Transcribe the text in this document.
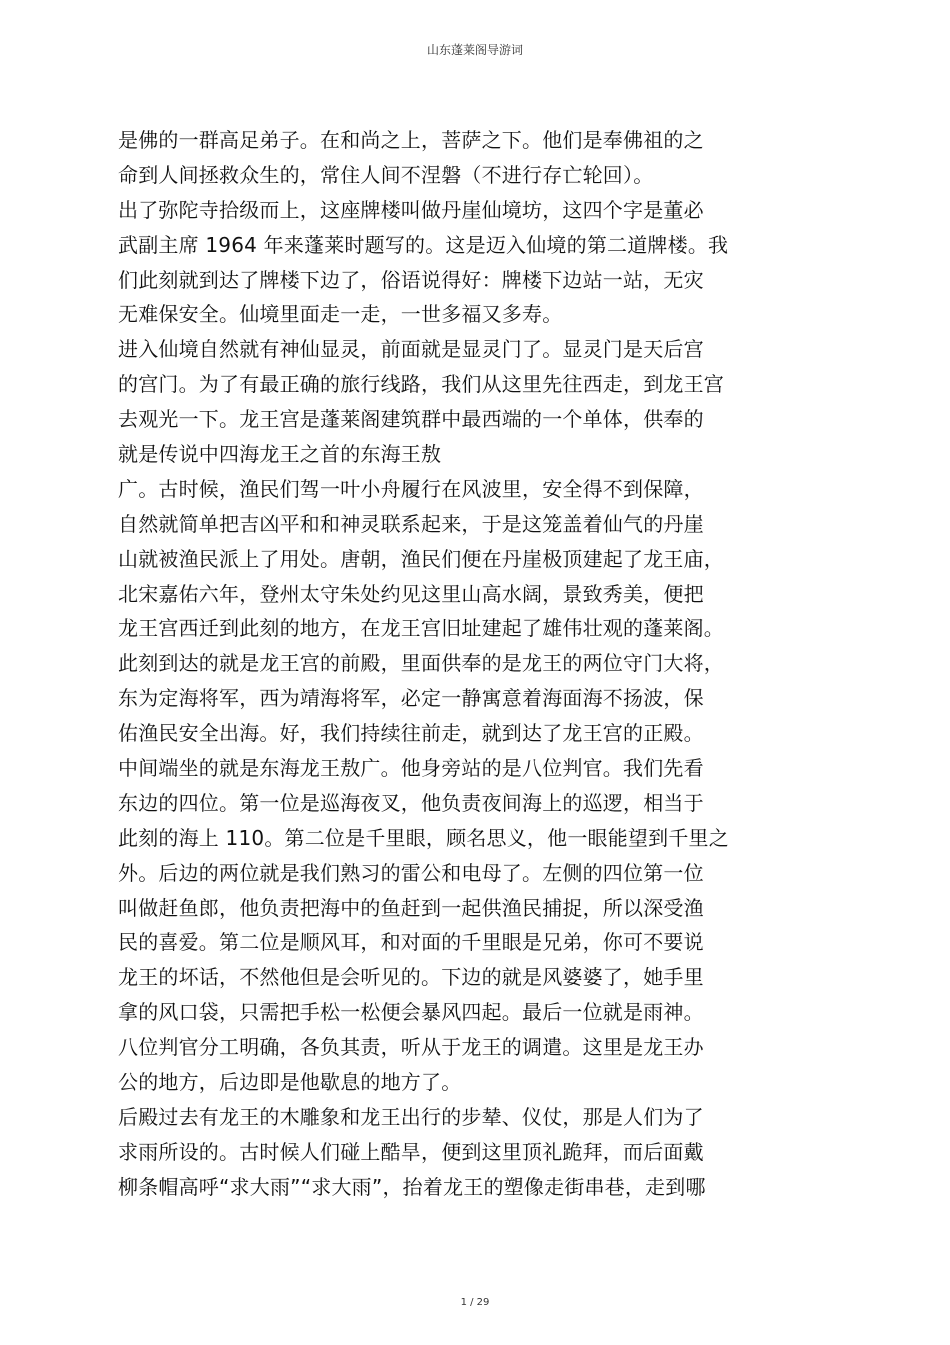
山东蓬莱阁导游词
是佛的一群高足弟子。在和尚之上，菩萨之下。他们是奉佛祖的之
命到人间拯救众生的，常住人间不涅磐（不进行存亡轮回）。
出了弥陀寺拾级而上，这座牌楼叫做丹崖仙境坊，这四个字是董必
武副主席 1964 年来蓬莱时题写的。这是迈入仙境的第二道牌楼。我
们此刻就到达了牌楼下边了，俗语说得好：牌楼下边站一站，无灾
无难保安全。仙境里面走一走，一世多福又多寿。
进入仙境自然就有神仙显灵，前面就是显灵门了。显灵门是天后宫
的宫门。为了有最正确的旅行线路，我们从这里先往西走，到龙王宫
去观光一下。龙王宫是蓬莱阁建筑群中最西端的一个单体，供奉的
就是传说中四海龙王之首的东海王敖
广。古时候，渔民们驾一叶小舟履行在风波里，安全得不到保障，
自然就简单把吉凶平和和神灵联系起来，于是这笼盖着仙气的丹崖
山就被渔民派上了用处。唐朝，渔民们便在丹崖极顶建起了龙王庙，
北宋嘉佑六年，登州太守朱处约见这里山高水阔，景致秀美，便把
龙王宫西迁到此刻的地方，在龙王宫旧址建起了雄伟壮观的蓬莱阁。
此刻到达的就是龙王宫的前殿，里面供奉的是龙王的两位守门大将，
东为定海将军，西为靖海将军，必定一静寓意着海面海不扬波，保
佑渔民安全出海。好，我们持续往前走，就到达了龙王宫的正殿。
中间端坐的就是东海龙王敖广。他身旁站的是八位判官。我们先看
东边的四位。第一位是巡海夜叉，他负责夜间海上的巡逻，相当于
此刻的海上 110。第二位是千里眼，顾名思义，他一眼能望到千里之
外。后边的两位就是我们熟习的雷公和电母了。左侧的四位第一位
叫做赶鱼郎，他负责把海中的鱼赶到一起供渔民捕捉，所以深受渔
民的喜爱。第二位是顺风耳，和对面的千里眼是兄弟，你可不要说
龙王的坏话，不然他但是会听见的。下边的就是风婆婆了，她手里
拿的风口袋，只需把手松一松便会暴风四起。最后一位就是雨神。
八位判官分工明确，各负其责，听从于龙王的调遣。这里是龙王办
公的地方，后边即是他歇息的地方了。
后殿过去有龙王的木雕象和龙王出行的步辇、仪仗，那是人们为了
求雨所设的。古时候人们碰上酷旱，便到这里顶礼跪拜，而后面戴
柳条帽高呼“求大雨”“求大雨”，抬着龙王的塑像走街串巷，走到哪
1 / 29
